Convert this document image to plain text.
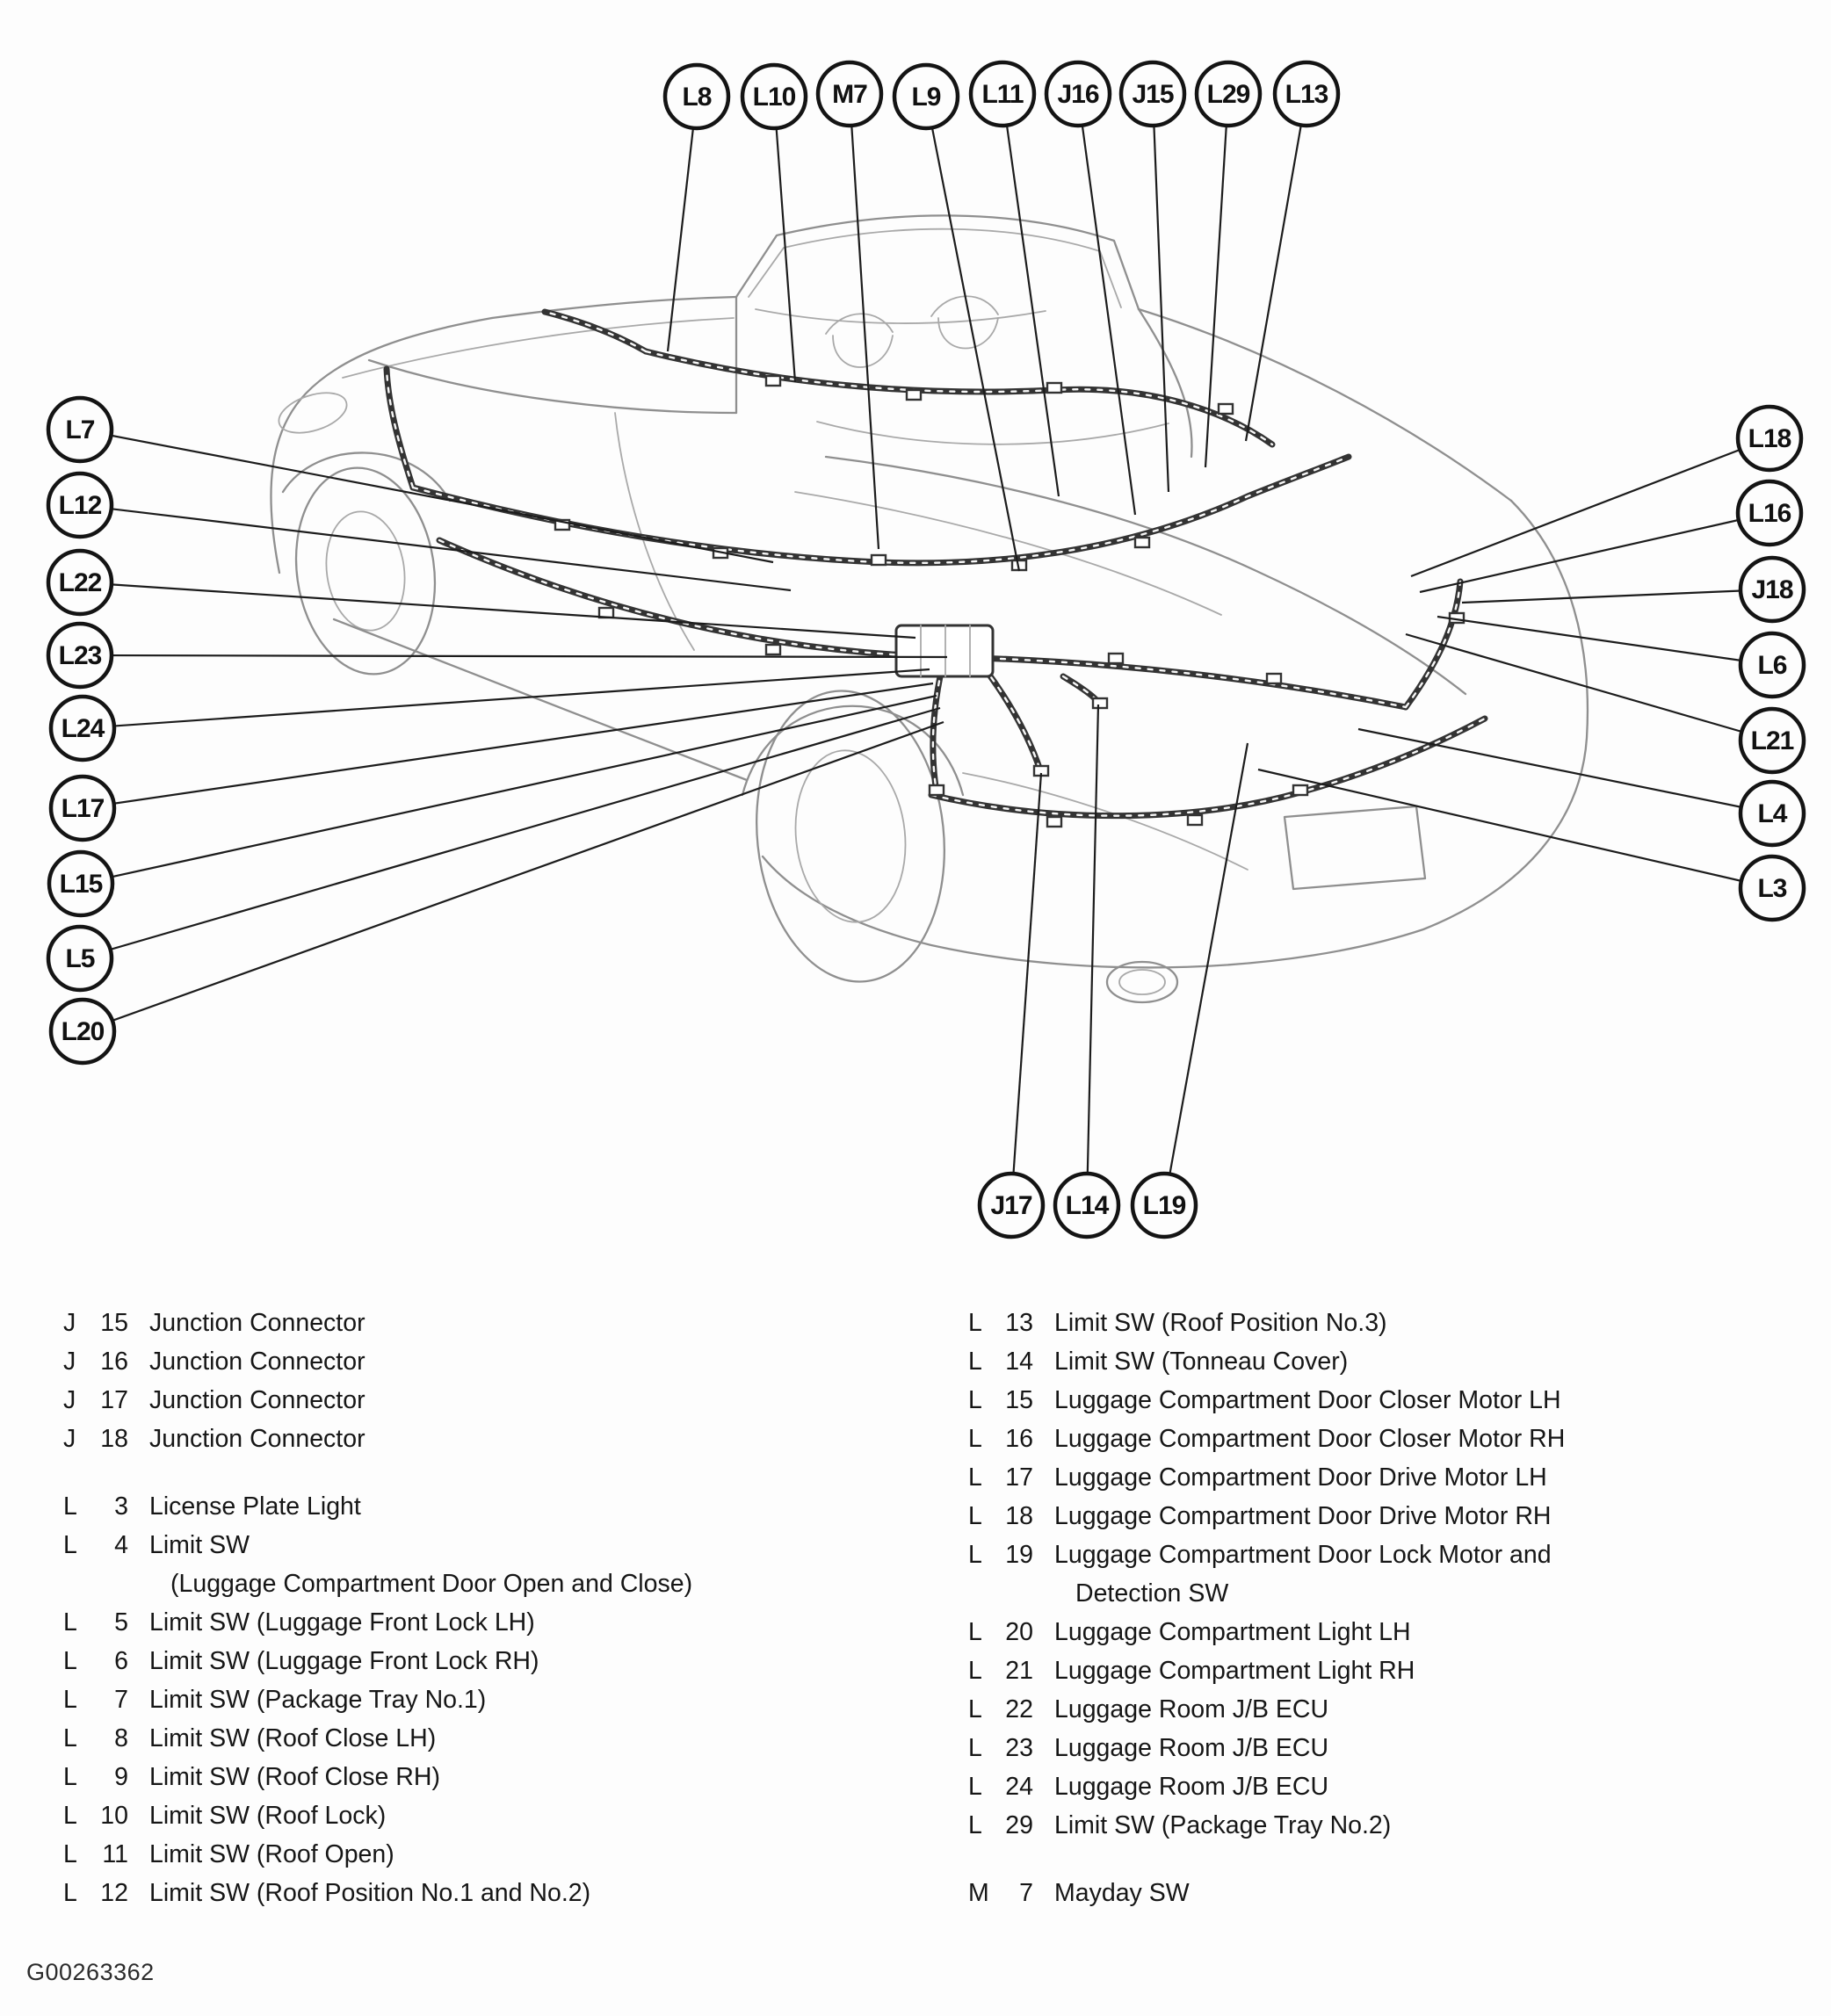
L8 L10 M7 L9 L11 J16 J15 L29 L13
L7
L12
L22
L23
L24
L17
L15
L5
L20
L18
L16
J18
L6
L21
L4
L3
J17 L14 L19
J 15 Junction Connector
J 16 Junction Connector
J 17 Junction Connector
J 18 Junction Connector
L	3 License Plate Light
L	4 Limit SW
(Luggage Compartment Door Open and Close)
L	5 Limit SW (Luggage Front Lock LH)
L	6 Limit SW (Luggage Front Lock RH)
L	7 Limit SW (Package Tray No.1)
L	8 Limit SW (Roof Close LH)
L	9 Limit SW (Roof Close RH)
L 10 Limit SW (Roof Lock)
L	11 Limit SW (Roof Open)
L 12 Limit SW (Roof Position No.1 and No.2)
L 13 Limit SW (Roof Position No.3)
L 14 Limit SW (Tonneau Cover)
L 15 Luggage Compartment Door Closer Motor LH
L 16 Luggage Compartment Door Closer Motor RH
L 17 Luggage Compartment Door Drive Motor LH
L 18 Luggage Compartment Door Drive Motor RH
L 19 Luggage Compartment Door Lock Motor and
Detection SW
L 20 Luggage Compartment Light LH
L 21 Luggage Compartment Light RH
L 22 Luggage Room J/B ECU
L 23 Luggage Room J/B ECU
L 24 Luggage Room J/B ECU
L 29 Limit SW (Package Tray No.2)
M	7 Mayday SW
G00263362
